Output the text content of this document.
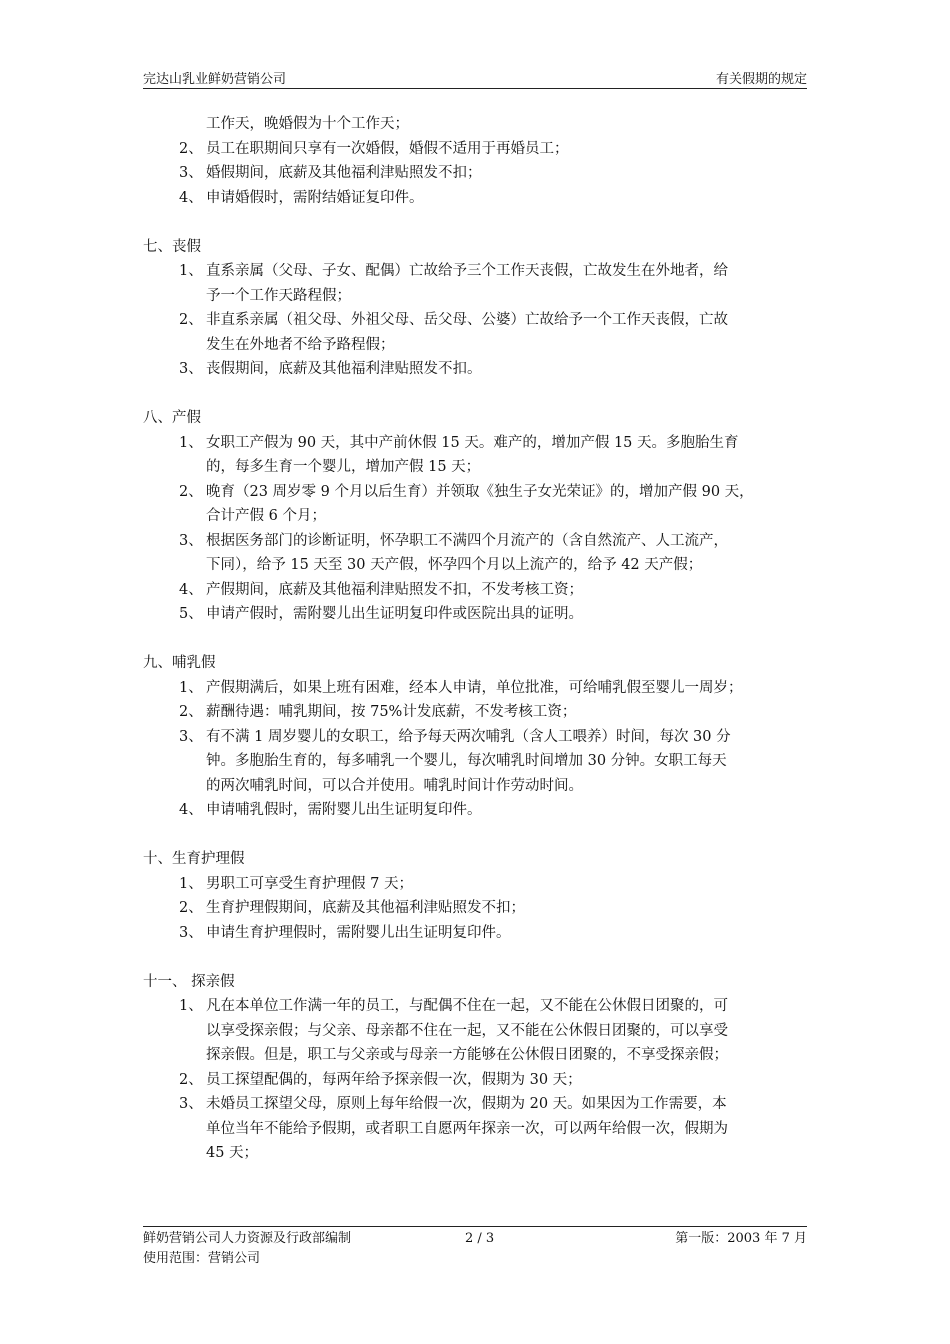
完达山乳业鲜奶营销公司	有关假期的规定
工作天，晚婚假为十个工作天；
2、 员工在职期间只享有一次婚假，婚假不适用于再婚员工；
3、 婚假期间，底薪及其他福利津贴照发不扣；
4、 申请婚假时，需附结婚证复印件。
七、丧假
1、 直系亲属（父母、子女、配偶）亡故给予三个工作天丧假，亡故发生在外地者，给
予一个工作天路程假；
2、 非直系亲属（祖父母、外祖父母、岳父母、公婆）亡故给予一个工作天丧假，亡故
发生在外地者不给予路程假；
3、 丧假期间，底薪及其他福利津贴照发不扣。
八、产假
1、 女职工产假为 90 天，其中产前休假 15 天。难产的，增加产假 15 天。多胞胎生育
的，每多生育一个婴儿，增加产假 15 天；
2、 晚育（23 周岁零 9 个月以后生育）并领取《独生子女光荣证》的，增加产假 90 天，
合计产假 6 个月；
3、 根据医务部门的诊断证明，怀孕职工不满四个月流产的（含自然流产、人工流产，
下同），给予 15 天至 30 天产假，怀孕四个月以上流产的，给予 42 天产假；
4、 产假期间，底薪及其他福利津贴照发不扣，不发考核工资；
5、 申请产假时，需附婴儿出生证明复印件或医院出具的证明。
九、哺乳假
1、 产假期满后，如果上班有困难，经本人申请，单位批准，可给哺乳假至婴儿一周岁；
2、 薪酬待遇：哺乳期间，按 75%计发底薪，不发考核工资；
3、 有不满 1 周岁婴儿的女职工，给予每天两次哺乳（含人工喂养）时间，每次 30 分
钟。多胞胎生育的，每多哺乳一个婴儿，每次哺乳时间增加 30 分钟。女职工每天
的两次哺乳时间，可以合并使用。哺乳时间计作劳动时间。
4、 申请哺乳假时，需附婴儿出生证明复印件。
十、生育护理假
1、 男职工可享受生育护理假 7 天；
2、 生育护理假期间，底薪及其他福利津贴照发不扣；
3、 申请生育护理假时，需附婴儿出生证明复印件。
十一、 探亲假
1、 凡在本单位工作满一年的员工，与配偶不住在一起，又不能在公休假日团聚的，可
以享受探亲假；与父亲、母亲都不住在一起，又不能在公休假日团聚的，可以享受
探亲假。但是，职工与父亲或与母亲一方能够在公休假日团聚的，不享受探亲假；
2、 员工探望配偶的，每两年给予探亲假一次，假期为 30 天；
3、 未婚员工探望父母，原则上每年给假一次，假期为 20 天。如果因为工作需要，本
单位当年不能给予假期，或者职工自愿两年探亲一次，可以两年给假一次，假期为
45 天；
鲜奶营销公司人力资源及行政部编制	2 / 3	第一版：2003 年 7 月
使用范围：营销公司
